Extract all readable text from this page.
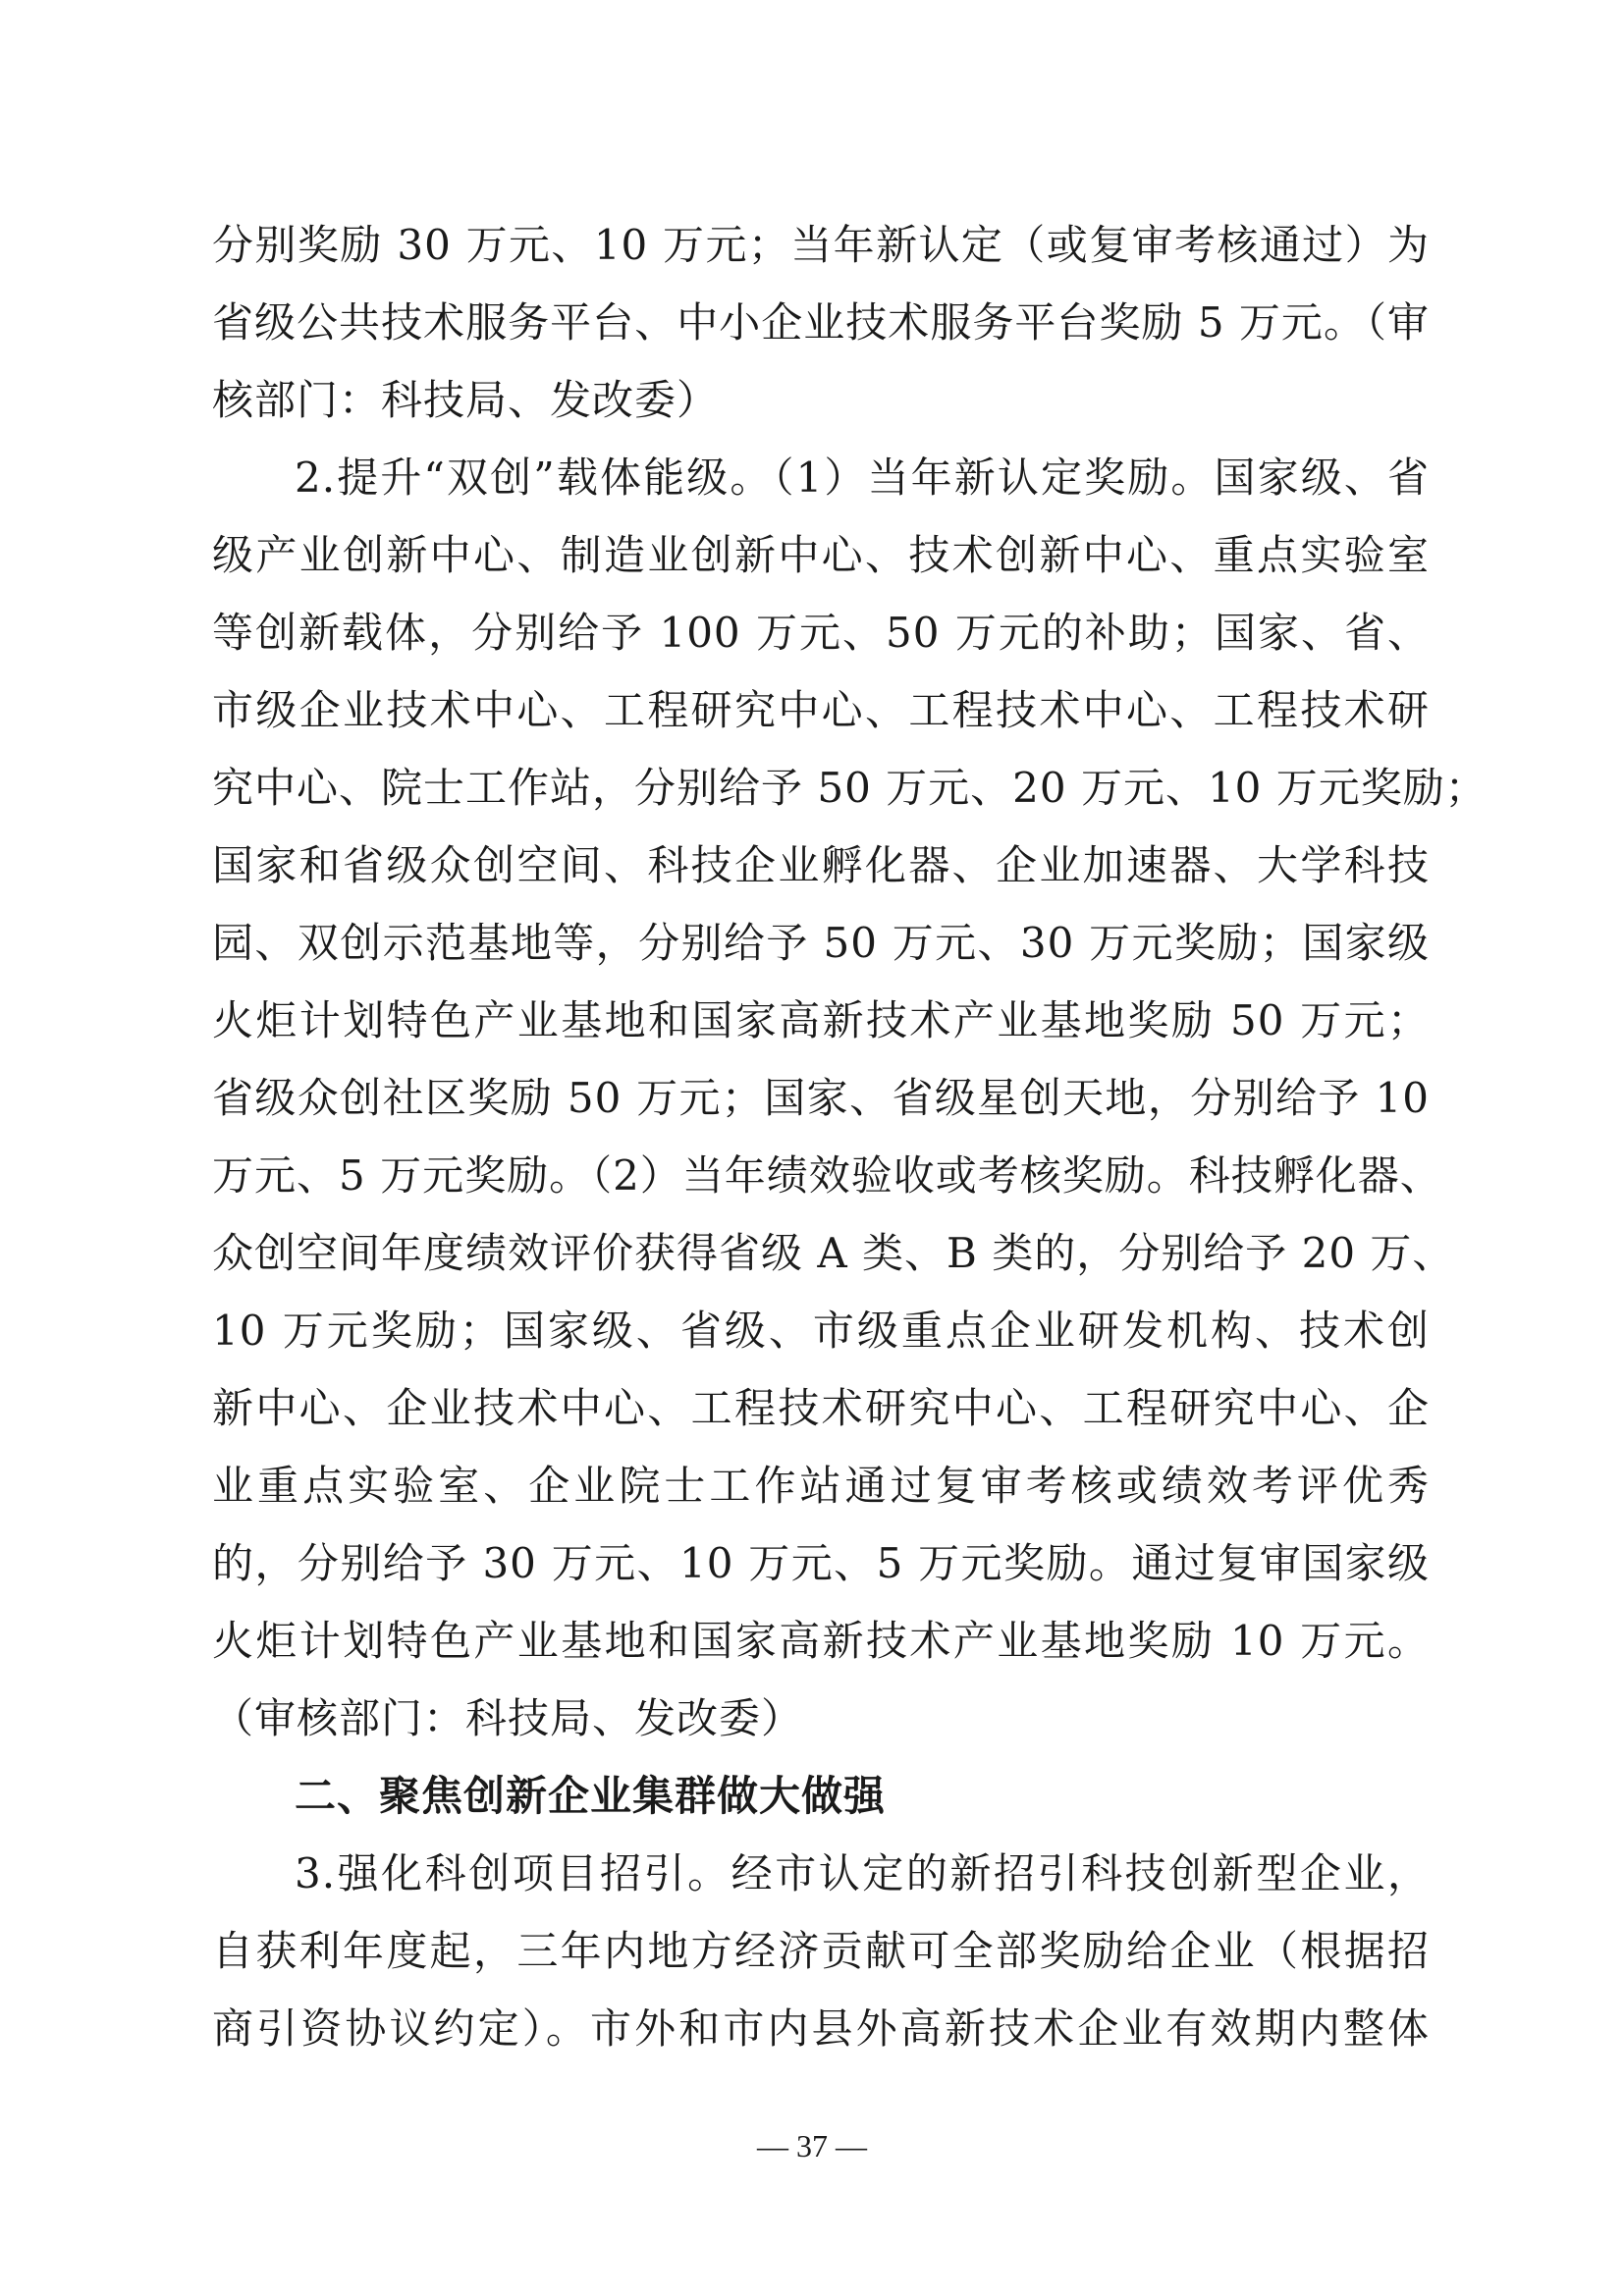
分别奖励 30 万元、10 万元；当年新认定（或复审考核通过）为
省级公共技术服务平台、中小企业技术服务平台奖励 5 万元。（审
核部门：科技局、发改委）
2.提升“双创”载体能级。（1）当年新认定奖励。国家级、省
级产业创新中心、制造业创新中心、技术创新中心、重点实验室
等创新载体，分别给予 100 万元、50 万元的补助；国家、省、
市级企业技术中心、工程研究中心、工程技术中心、工程技术研
究中心、院士工作站，分别给予 50 万元、20 万元、10 万元奖励；
国家和省级众创空间、科技企业孵化器、企业加速器、大学科技
园、双创示范基地等，分别给予 50 万元、30 万元奖励；国家级
火炬计划特色产业基地和国家高新技术产业基地奖励 50 万元；
省级众创社区奖励 50 万元；国家、省级星创天地，分别给予 10
万元、5 万元奖励。（2）当年绩效验收或考核奖励。科技孵化器、
众创空间年度绩效评价获得省级 A 类、B 类的，分别给予 20 万、
10 万元奖励；国家级、省级、市级重点企业研发机构、技术创
新中心、企业技术中心、工程技术研究中心、工程研究中心、企
业重点实验室、企业院士工作站通过复审考核或绩效考评优秀
的，分别给予 30 万元、10 万元、5 万元奖励。通过复审国家级
火炬计划特色产业基地和国家高新技术产业基地奖励 10 万元。
（审核部门：科技局、发改委）
二、聚焦创新企业集群做大做强
3.强化科创项目招引。经市认定的新招引科技创新型企业，
自获利年度起，三年内地方经济贡献可全部奖励给企业（根据招
商引资协议约定）。市外和市内县外高新技术企业有效期内整体
— 37 —
